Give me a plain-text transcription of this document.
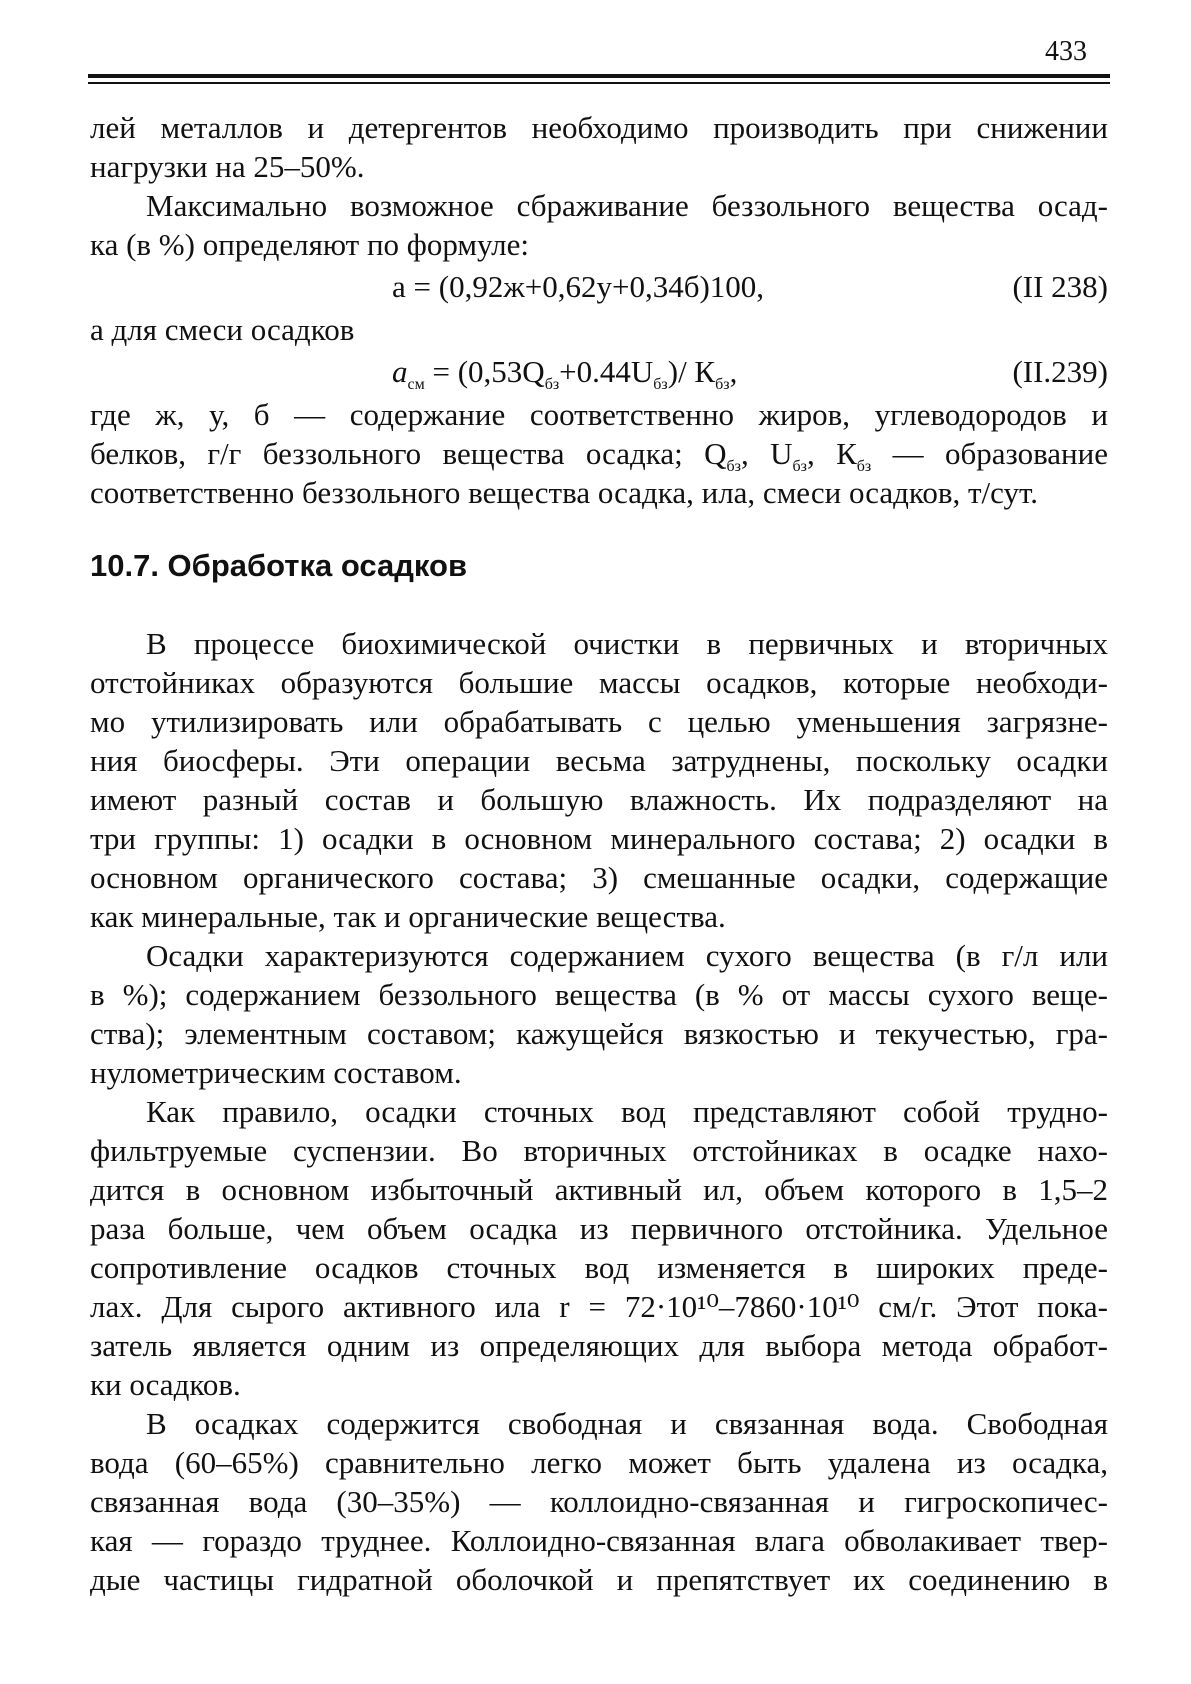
433

лей металлов и детергентов необходимо производить при снижении
нагрузки на 25–50%.

Максимально возможное сбраживание беззольного вещества осад-
ка (в %) определяют по формуле:

а = (0,92ж+0,62у+0,34б)100,	(II 238)

а для смеси осадков

$а_{см} = (0,53Q_{бз}+0.44U_{бз})/$ $К_{бз}$,	(II.239)

где ж, у, б — содержание соответственно жиров, углеводородов и
белков, г/г беззольного вещества осадка; $Q_{бз}$, $U_{бз}$, $К_{бз}$ — образование
соответственно беззольного вещества осадка, ила, смеси осадков, т/сут.

10.7. Обработка осадков

В процессе биохимической очистки в первичных и вторичных
отстойниках образуются большие массы осадков, которые необходи-
мо утилизировать или обрабатывать с целью уменьшения загрязне-
ния биосферы. Эти операции весьма затруднены, поскольку осадки
имеют разный состав и большую влажность. Их подразделяют на
три группы: 1) осадки в основном минерального состава; 2) осадки в
основном органического состава; 3) смешанные осадки, содержащие
как минеральные, так и органические вещества.

Осадки характеризуются содержанием сухого вещества (в г/л или
в %); содержанием беззольного вещества (в % от массы сухого веще-
ства); элементным составом; кажущейся вязкостью и текучестью, гра-
нулометрическим составом.

Как правило, осадки сточных вод представляют собой трудно-
фильтруемые суспензии. Во вторичных отстойниках в осадке нахо-
дится в основном избыточный активный ил, объем которого в 1,5–2
раза больше, чем объем осадка из первичного отстойника. Удельное
сопротивление осадков сточных вод изменяется в широких преде-
лах. Для сырого активного ила r = 72·10¹⁰–7860·10¹⁰ см/г. Этот пока-
затель является одним из определяющих для выбора метода обработ-
ки осадков.

В осадках содержится свободная и связанная вода. Свободная
вода (60–65%) сравнительно легко может быть удалена из осадка,
связанная вода (30–35%) — коллоидно-связанная и гигроскопичес-
кая — гораздо труднее. Коллоидно-связанная влага обволакивает твер-
дые частицы гидратной оболочкой и препятствует их соединению в
